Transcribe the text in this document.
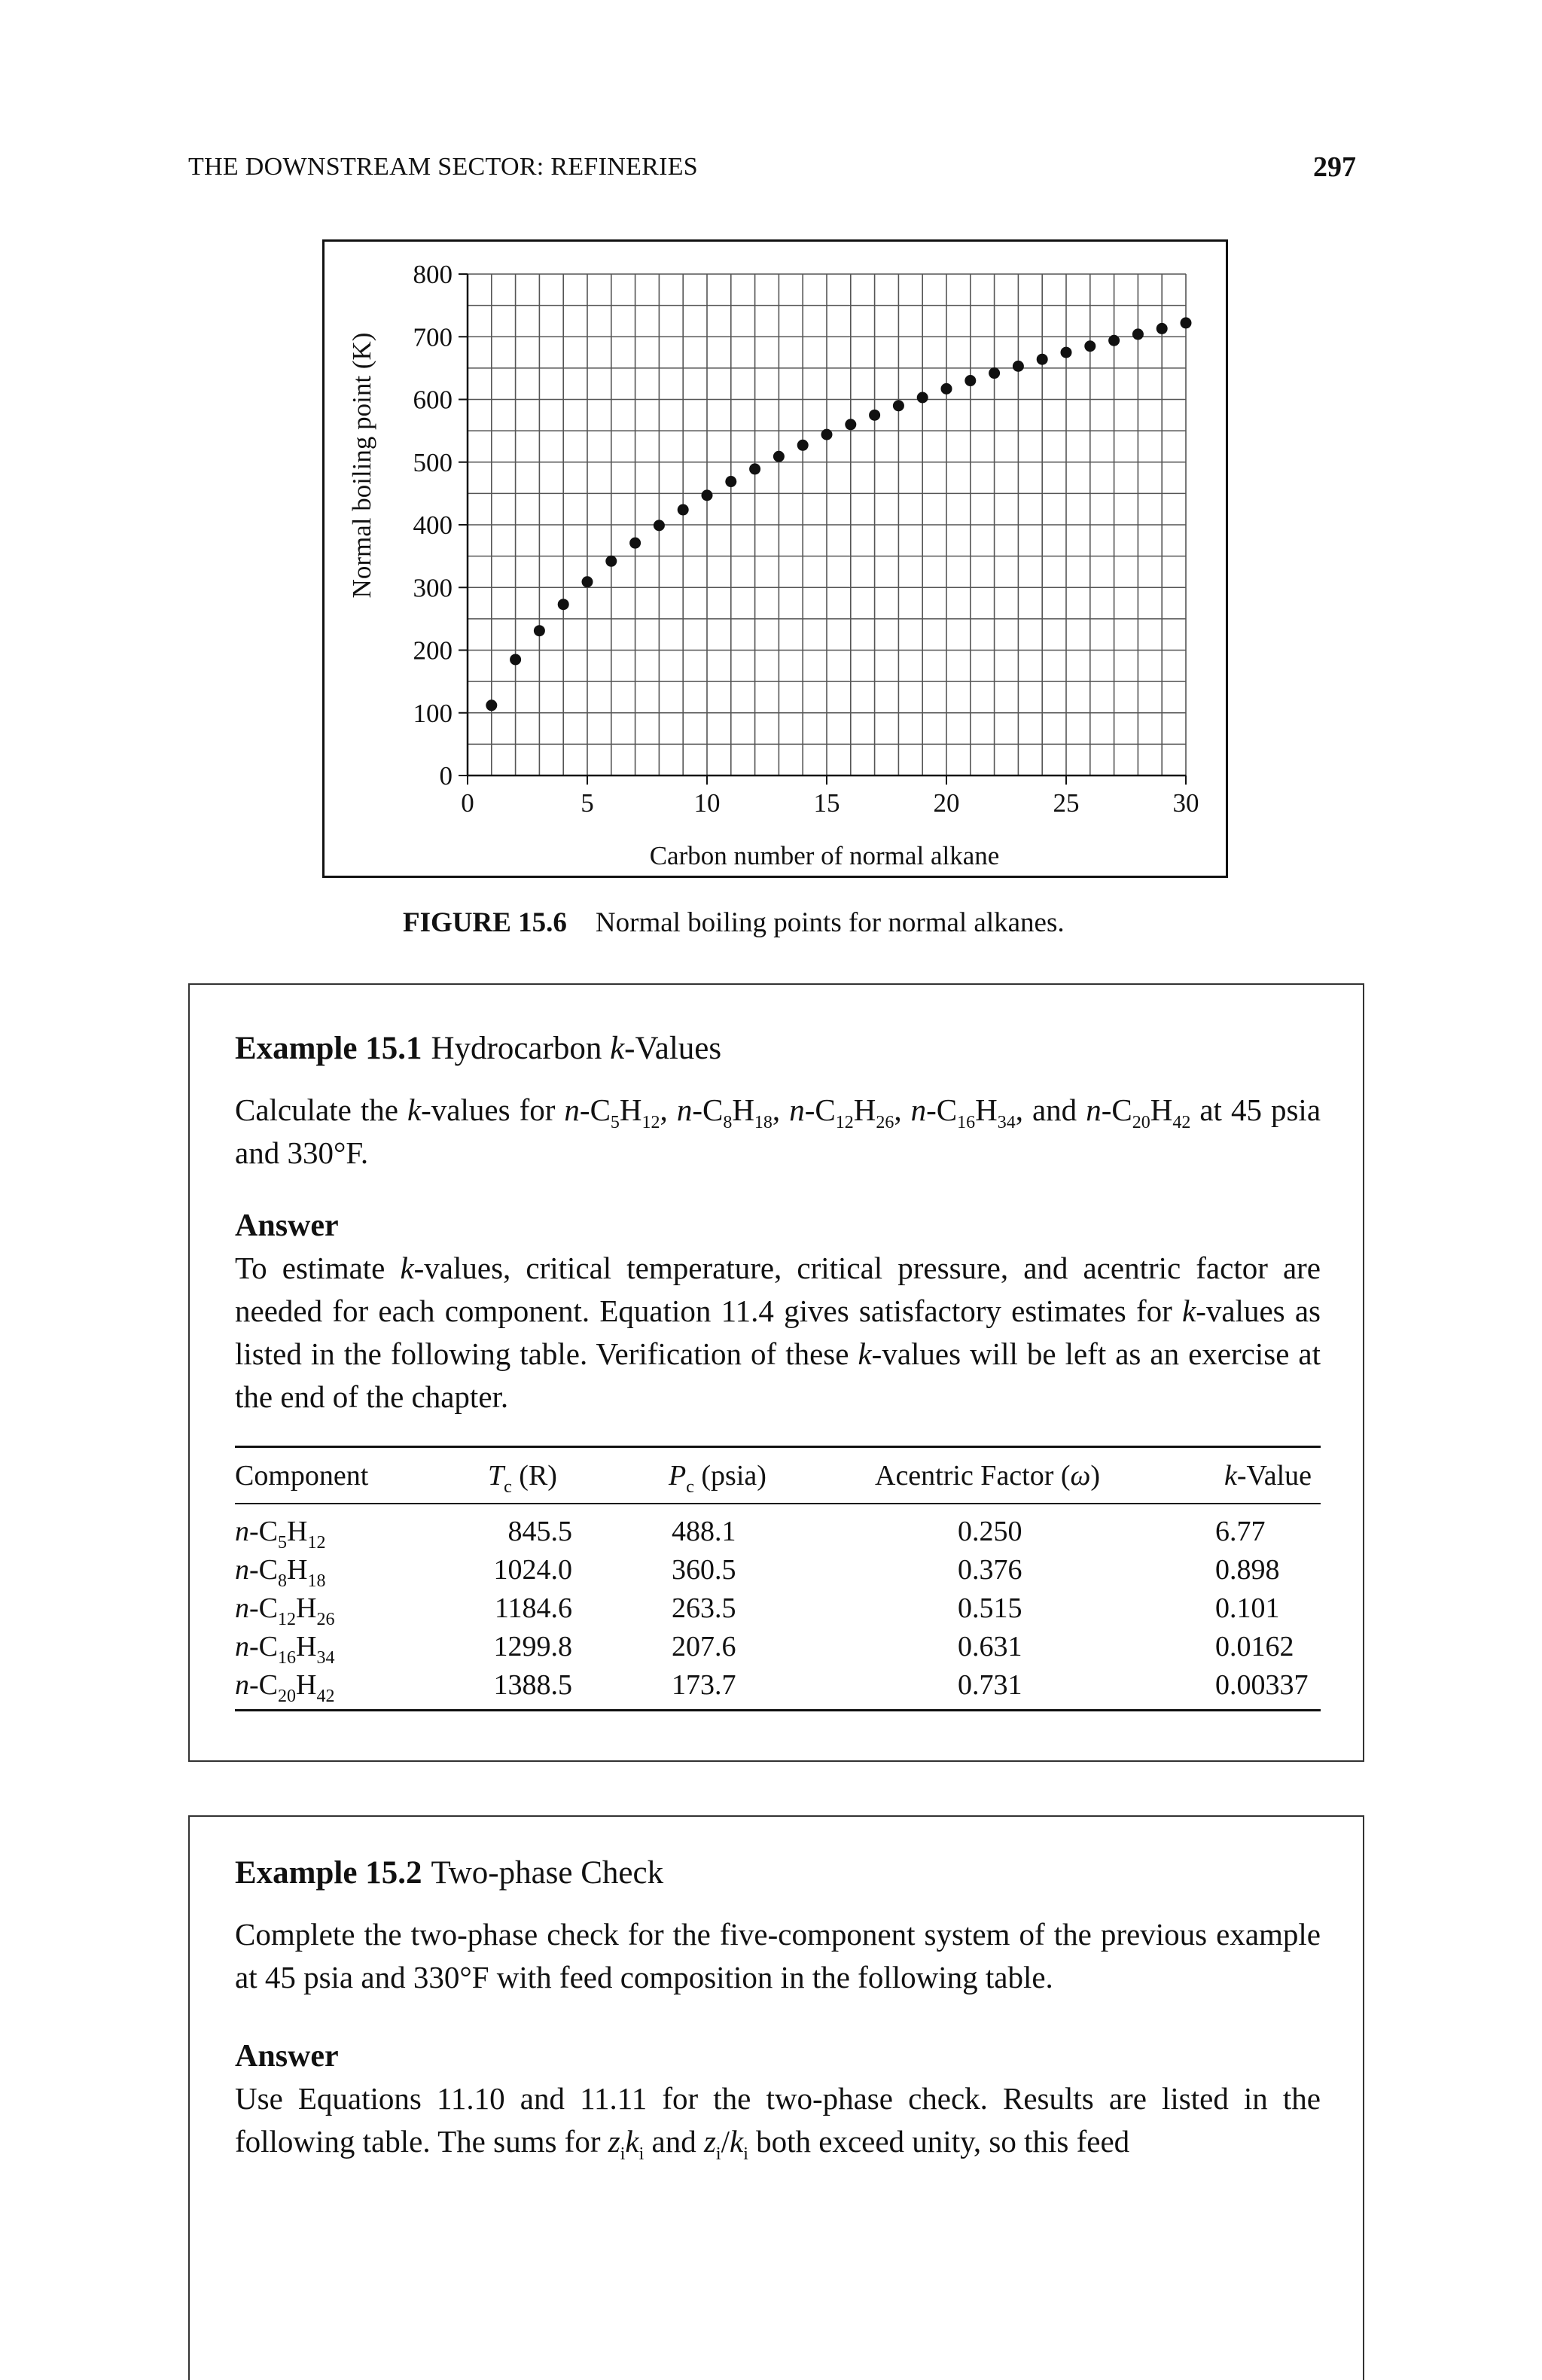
THE DOWNSTREAM SECTOR: REFINERIES	297
0
100
200
300
400
500
600
700
800
0	5	10	15	20	25	30
Carbon number of normal alkane
Normal boiling point (K)
FIGURE 15.6 Normal boiling points for normal alkanes.
Example 15.1 Hydrocarbon k-Values
Calculate the k-values for $n-C_5H_{12}$, $n-C_8H_{18}$, $n-C_{12}H_{26}$, $n-C_{16}H_{34}$, and $n-C_{20}H_{42}$ at 45 psia and 330°F.
Answer
To estimate k-values, critical temperature, critical pressure, and acentric factor are needed for each component. Equation 11.4 gives satisfactory estimates for k-values as listed in the following table. Verification of these k-values will be left as an exercise at the end of the chapter.
Component	$T_c$ (R)	$P_c$ (psia)	Acentric Factor (ω)	k-Value
$n-C_5H_{12}$	845.5	488.1	0.250	6.77
$n-C_8H_{18}$	1024.0	360.5	0.376	0.898
$n-C_{12}H_{26}$	1184.6	263.5	0.515	0.101
$n-C_{16}H_{34}$	1299.8	207.6	0.631	0.0162
$n-C_{20}H_{42}$	1388.5	173.7	0.731	0.00337
Example 15.2 Two-phase Check
Complete the two-phase check for the five-component system of the previous example at 45 psia and 330°F with feed composition in the following table.
Answer
Use Equations 11.10 and 11.11 for the two-phase check. Results are listed in the following table. The sums for $z_ik_i$ and $z_i/k_i$ both exceed unity, so this feed
